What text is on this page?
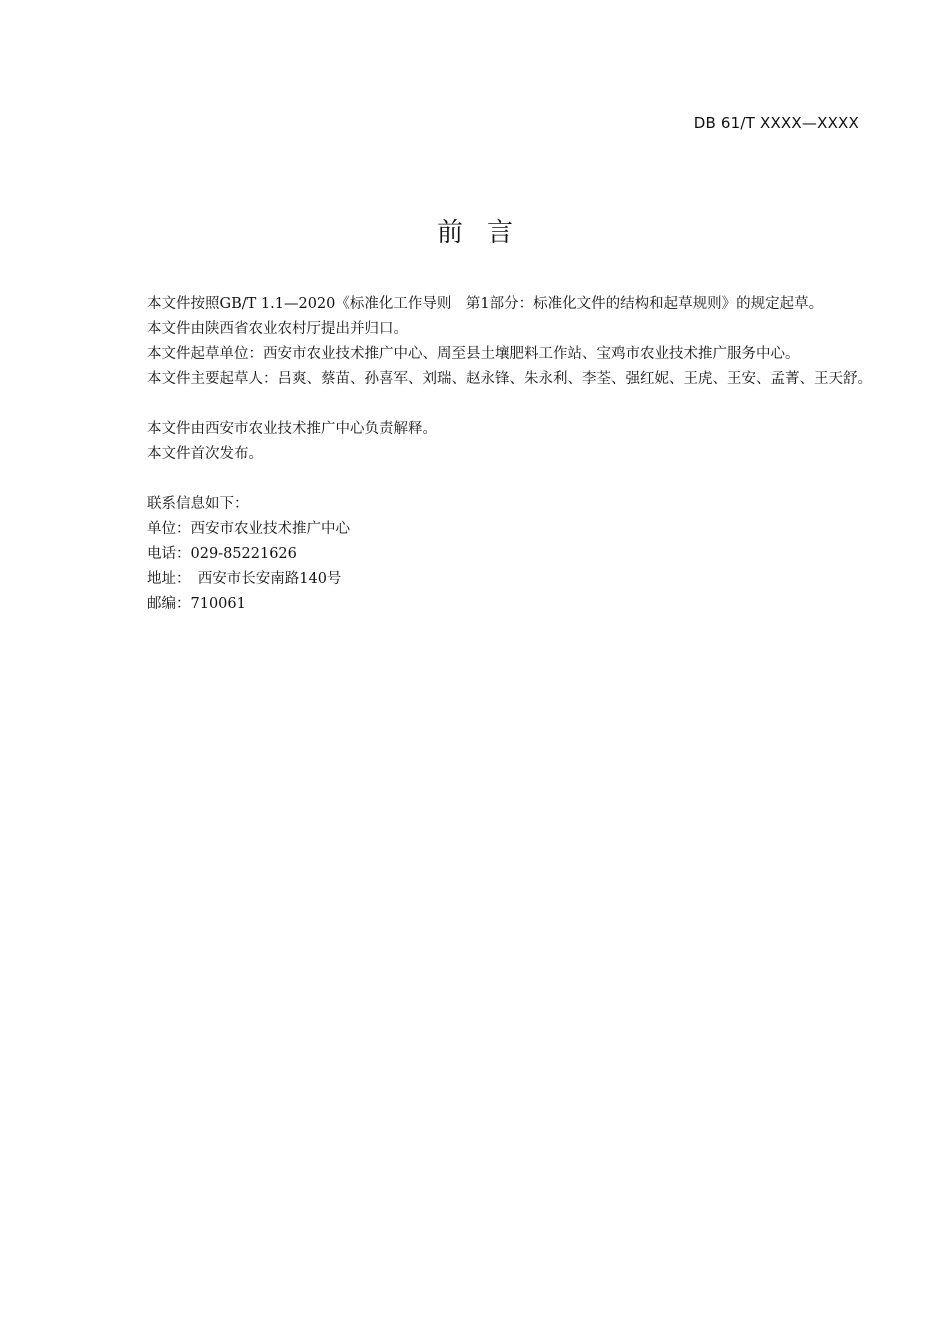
DB 61/T XXXX—XXXX
前言

本文件按照GB/T 1.1—2020《标准化工作导则　第1部分：标准化文件的结构和起草规则》的规定起草。

本文件由陕西省农业农村厅提出并归口。

本文件起草单位：西安市农业技术推广中心、周至县土壤肥料工作站、宝鸡市农业技术推广服务中心。

本文件主要起草人：吕爽、蔡苗、孙喜军、刘瑞、赵永锋、朱永利、李荃、强红妮、王虎、王安、孟菁、王天舒。

本文件由西安市农业技术推广中心负责解释。

本文件首次发布。

联系信息如下：

单位：西安市农业技术推广中心

电话：029-85221626

地址：　西安市长安南路140号

邮编：710061
